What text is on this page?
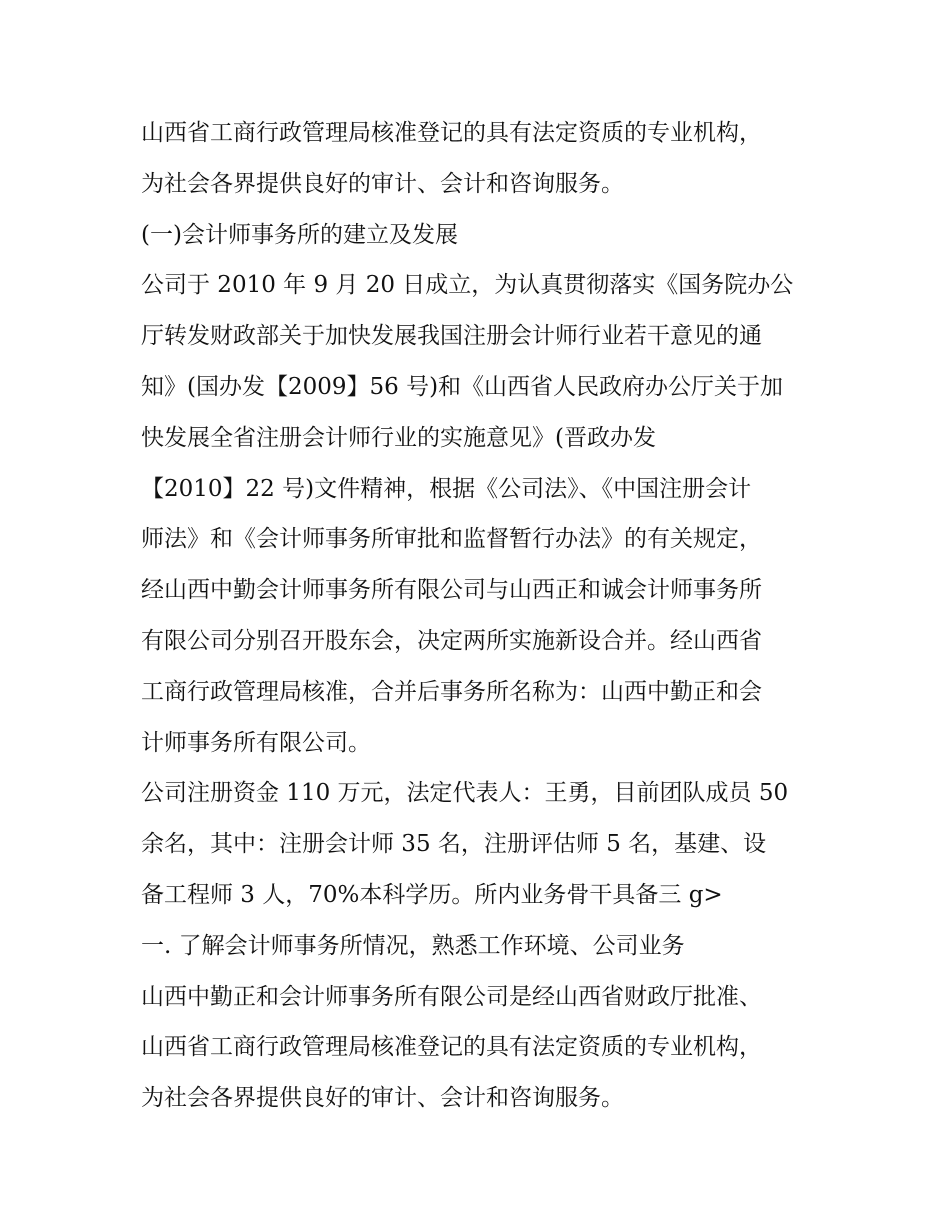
山西省工商行政管理局核准登记的具有法定资质的专业机构，

为社会各界提供良好的审计、会计和咨询服务。

(一)会计师事务所的建立及发展

公司于 2010 年 9 月 20 日成立，为认真贯彻落实《国务院办公

厅转发财政部关于加快发展我国注册会计师行业若干意见的通

知》(国办发【2009】56 号)和《山西省人民政府办公厅关于加

快发展全省注册会计师行业的实施意见》(晋政办发

【2010】22 号)文件精神，根据《公司法》、《中国注册会计

师法》和《会计师事务所审批和监督暂行办法》的有关规定，

经山西中勤会计师事务所有限公司与山西正和诚会计师事务所

有限公司分别召开股东会，决定两所实施新设合并。经山西省

工商行政管理局核准，合并后事务所名称为：山西中勤正和会

计师事务所有限公司。

公司注册资金 110 万元，法定代表人：王勇，目前团队成员 50

余名，其中：注册会计师 35 名，注册评估师 5 名，基建、设

备工程师 3 人，70%本科学历。所内业务骨干具备三 g>

一. 了解会计师事务所情况，熟悉工作环境、公司业务

山西中勤正和会计师事务所有限公司是经山西省财政厅批准、

山西省工商行政管理局核准登记的具有法定资质的专业机构，

为社会各界提供良好的审计、会计和咨询服务。
